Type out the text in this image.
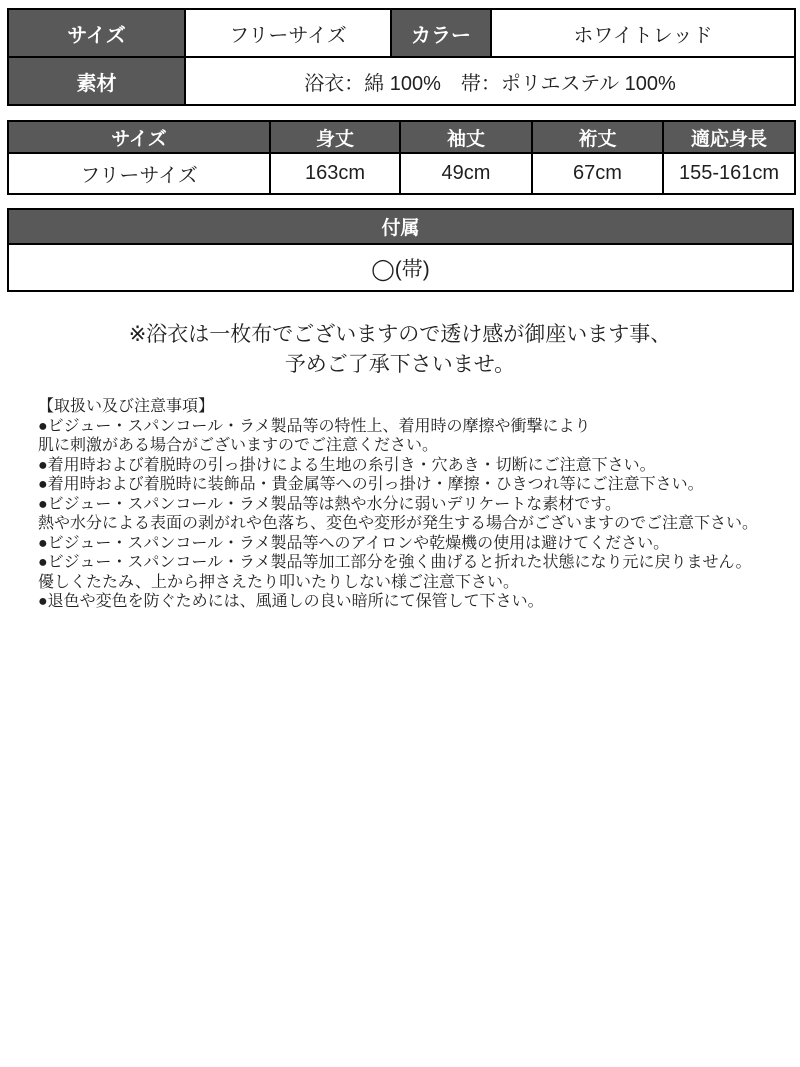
サイズ	フリーサイズ	カラー	ホワイトレッド
素材	浴衣：綿 100%　帯：ポリエステル 100%		
サイズ	身丈	袖丈	裄丈	適応身長
フリーサイズ	163cm	49cm	67cm	155-161cm
付属
◯(帯)
※浴衣は一枚布でございますので透け感が御座います事、
予めご了承下さいませ。
【取扱い及び注意事項】
●ビジュー・スパンコール・ラメ製品等の特性上、着用時の摩擦や衝撃により
肌に刺激がある場合がございますのでご注意ください。
●着用時および着脱時の引っ掛けによる生地の糸引き・穴あき・切断にご注意下さい。
●着用時および着脱時に装飾品・貴金属等への引っ掛け・摩擦・ひきつれ等にご注意下さい。
●ビジュー・スパンコール・ラメ製品等は熱や水分に弱いデリケートな素材です。
熱や水分による表面の剥がれや色落ち、変色や変形が発生する場合がございますのでご注意下さい。
●ビジュー・スパンコール・ラメ製品等へのアイロンや乾燥機の使用は避けてください。
●ビジュー・スパンコール・ラメ製品等加工部分を強く曲げると折れた状態になり元に戻りません。
優しくたたみ、上から押さえたり叩いたりしない様ご注意下さい。
●退色や変色を防ぐためには、風通しの良い暗所にて保管して下さい。
